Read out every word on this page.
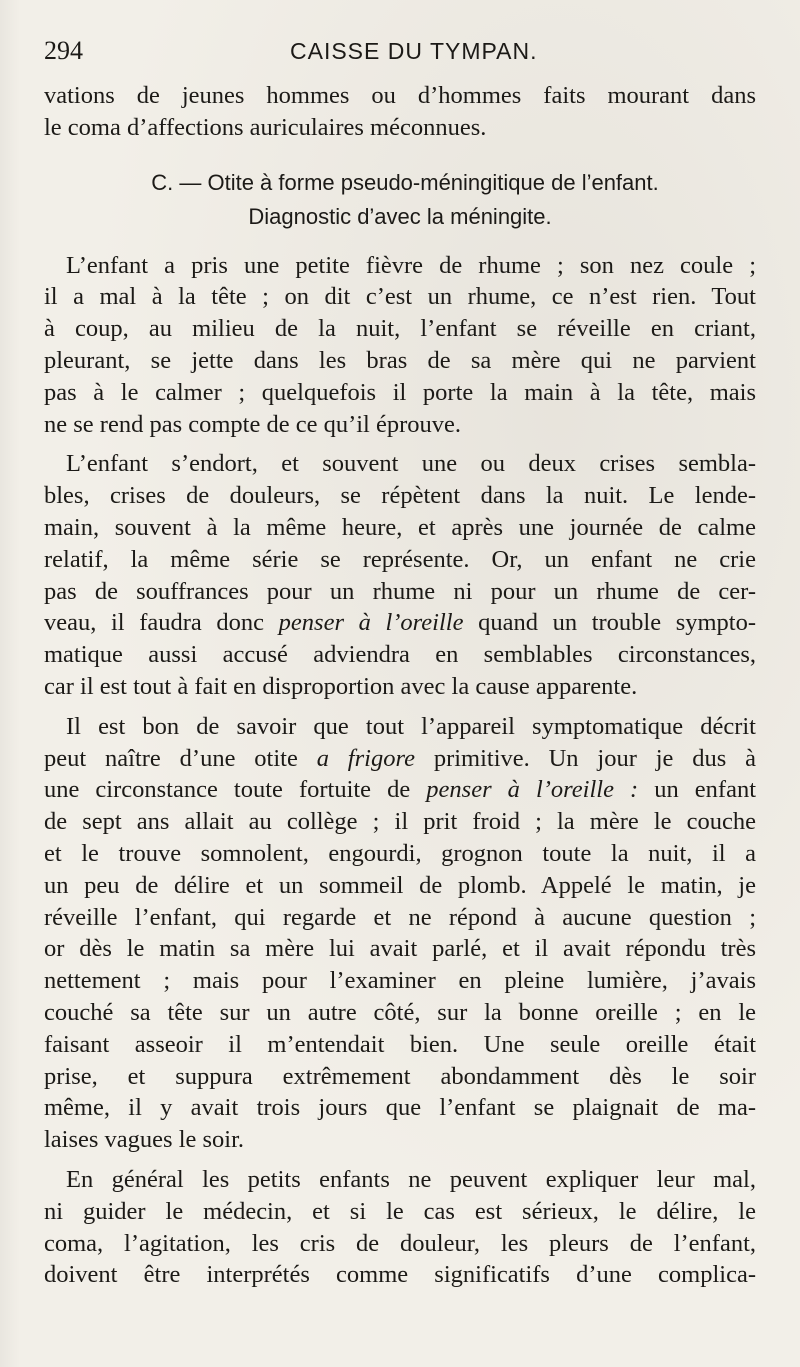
294	CAISSE DU TYMPAN.

vations de jeunes hommes ou d’hommes faits mourant dans

le coma d’affections auriculaires méconnues.

C. — Otite à forme pseudo-méningitique de l’enfant.
Diagnostic d’avec la méningite.

L’enfant a pris une petite fièvre de rhume ; son nez coule ;

il a mal à la tête ; on dit c’est un rhume, ce n’est rien. Tout

à coup, au milieu de la nuit, l’enfant se réveille en criant,

pleurant, se jette dans les bras de sa mère qui ne parvient

pas à le calmer ; quelquefois il porte la main à la tête, mais

ne se rend pas compte de ce qu’il éprouve.

L’enfant s’endort, et souvent une ou deux crises sembla-

bles, crises de douleurs, se répètent dans la nuit. Le lende-

main, souvent à la même heure, et après une journée de calme

relatif, la même série se représente. Or, un enfant ne crie

pas de souffrances pour un rhume ni pour un rhume de cer-

veau, il faudra donc penser à l’oreille quand un trouble sympto-

matique aussi accusé adviendra en semblables circonstances,

car il est tout à fait en disproportion avec la cause apparente.

Il est bon de savoir que tout l’appareil symptomatique décrit

peut naître d’une otite a frigore primitive. Un jour je dus à

une circonstance toute fortuite de penser à l’oreille : un enfant

de sept ans allait au collège ; il prit froid ; la mère le couche

et le trouve somnolent, engourdi, grognon toute la nuit, il a

un peu de délire et un sommeil de plomb. Appelé le matin, je

réveille l’enfant, qui regarde et ne répond à aucune question ;

or dès le matin sa mère lui avait parlé, et il avait répondu très

nettement ; mais pour l’examiner en pleine lumière, j’avais

couché sa tête sur un autre côté, sur la bonne oreille ; en le

faisant asseoir il m’entendait bien. Une seule oreille était

prise, et suppura extrêmement abondamment dès le soir

même, il y avait trois jours que l’enfant se plaignait de ma-

laises vagues le soir.

En général les petits enfants ne peuvent expliquer leur mal,

ni guider le médecin, et si le cas est sérieux, le délire, le

coma, l’agitation, les cris de douleur, les pleurs de l’enfant,

doivent être interprétés comme significatifs d’une complica-
